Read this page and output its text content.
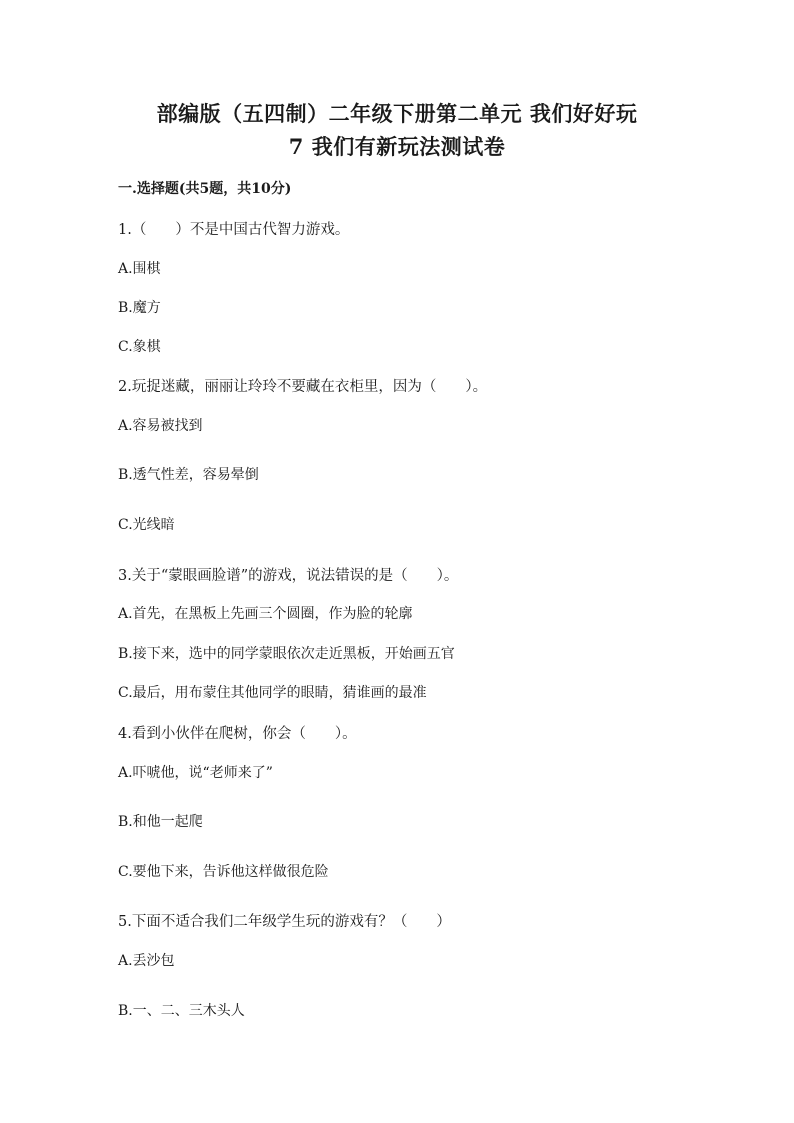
部编版（五四制）二年级下册第二单元 我们好好玩
7 我们有新玩法测试卷
一.选择题(共5题，共10分)
1.（　　）不是中国古代智力游戏。
A.围棋
B.魔方
C.象棋
2.玩捉迷藏，丽丽让玲玲不要藏在衣柜里，因为（　　）。
A.容易被找到
B.透气性差，容易晕倒
C.光线暗
3.关于“蒙眼画脸谱”的游戏，说法错误的是（　　）。
A.首先，在黑板上先画三个圆圈，作为脸的轮廓
B.接下来，选中的同学蒙眼依次走近黑板，开始画五官
C.最后，用布蒙住其他同学的眼睛，猜谁画的最准
4.看到小伙伴在爬树，你会（　　）。
A.吓唬他，说“老师来了”
B.和他一起爬
C.要他下来，告诉他这样做很危险
5.下面不适合我们二年级学生玩的游戏有？（　　）
A.丢沙包
B.一、二、三木头人
